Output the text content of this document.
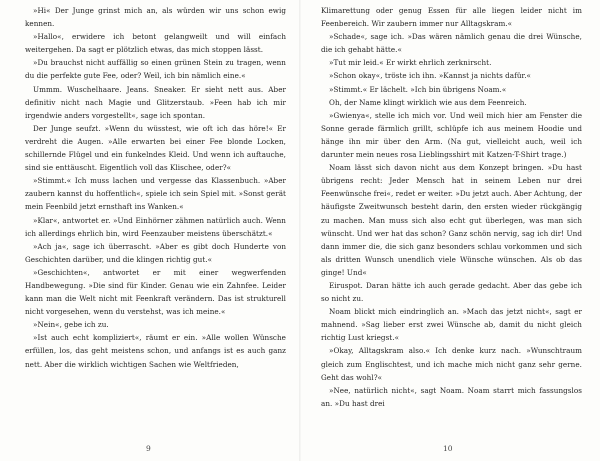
»Hi« Der Junge grinst mich an, als würden wir uns schon ewig kennen.

»Hallo«, erwidere ich betont gelangweilt und will einfach weitergehen. Da sagt er plötzlich etwas, das mich stoppen lässt.

»Du brauchst nicht auffällig so einen grünen Stein zu tragen, wenn du die perfekte gute Fee, oder? Weil, ich bin nämlich eine.«

Ummm. Wuschelhaare. Jeans. Sneaker. Er sieht nett aus. Aber definitiv nicht nach Magie und Glitzerstaub. »Feen hab ich mir irgendwie anders vorgestellt«, sage ich spontan.

Der Junge seufzt. »Wenn du wüsstest, wie oft ich das höre!« Er verdreht die Augen. »Alle erwarten bei einer Fee blonde Locken, schillernde Flügel und ein funkelndes Kleid. Und wenn ich auftauche, sind sie enttäuscht. Eigentlich voll das Klischee, oder?«

»Stimmt.« Ich muss lachen und vergesse das Klassenbuch. »Aber zaubern kannst du hoffentlich«, spiele ich sein Spiel mit. »Sonst gerät mein Feenbild jetzt ernsthaft ins Wanken.«

»Klar«, antwortet er. »Und Einhörner zähmen natürlich auch. Wenn ich allerdings ehrlich bin, wird Feenzauber meistens überschätzt.«

»Ach ja«, sage ich überrascht. »Aber es gibt doch Hunderte von Geschichten darüber, und die klingen richtig gut.«

»Geschichten«, antwortet er mit einer wegwerfenden Handbewegung. »Die sind für Kinder. Genau wie ein Zahnfee. Leider kann man die Welt nicht mit Feenkraft verändern. Das ist strukturell nicht vorgesehen, wenn du verstehst, was ich meine.«

»Nein«, gebe ich zu.

»Ist auch echt kompliziert«, räumt er ein. »Alle wollen Wünsche erfüllen, los, das geht meistens schon, und anfangs ist es auch ganz nett. Aber die wirklich wichtigen Sachen wie Weltfrieden,

9

Klimarettung oder genug Essen für alle liegen leider nicht im Feenbereich. Wir zaubern immer nur Alltagskram.«

»Schade«, sage ich. »Das wären nämlich genau die drei Wünsche, die ich gehabt hätte.«

»Tut mir leid.« Er wirkt ehrlich zerknirscht.

»Schon okay«, tröste ich ihn. »Kannst ja nichts dafür.«

»Stimmt.« Er lächelt. »Ich bin übrigens Noam.«

Oh, der Name klingt wirklich wie aus dem Feenreich.

»Gwienya«, stelle ich mich vor. Und weil mich hier am Fenster die Sonne gerade färmlich grillt, schlüpfe ich aus meinem Hoodie und hänge ihn mir über den Arm. (Na gut, vielleicht auch, weil ich darunter mein neues rosa Lieblingsshirt mit Katzen-T-Shirt trage.)

Noam lässt sich davon nicht aus dem Konzept bringen. »Du hast übrigens recht: Jeder Mensch hat in seinem Leben nur drei Feenwünsche frei«, redet er weiter. »Du jetzt auch. Aber Achtung, der häufigste Zweitwunsch besteht darin, den ersten wieder rückgängig zu machen. Man muss sich also echt gut überlegen, was man sich wünscht. Und wer hat das schon? Ganz schön nervig, sag ich dir! Und dann immer die, die sich ganz besonders schlau vorkommen und sich als dritten Wunsch unendlich viele Wünsche wünschen. Als ob das ginge! Und«

Eiruspot. Daran hätte ich auch gerade gedacht. Aber das gebe ich so nicht zu.

Noam blickt mich eindringlich an. »Mach das jetzt nicht«, sagt er mahnend. »Sag lieber erst zwei Wünsche ab, damit du nicht gleich richtig Lust kriegst.«

»Okay, Alltagskram also.« Ich denke kurz nach. »Wunschtraum gleich zum Englischtest, und ich mache mich nicht ganz sehr gerne. Geht das wohl?«

»Nee, natürlich nicht«, sagt Noam. Noam starrt mich fassungslos an. »Du hast drei

10
